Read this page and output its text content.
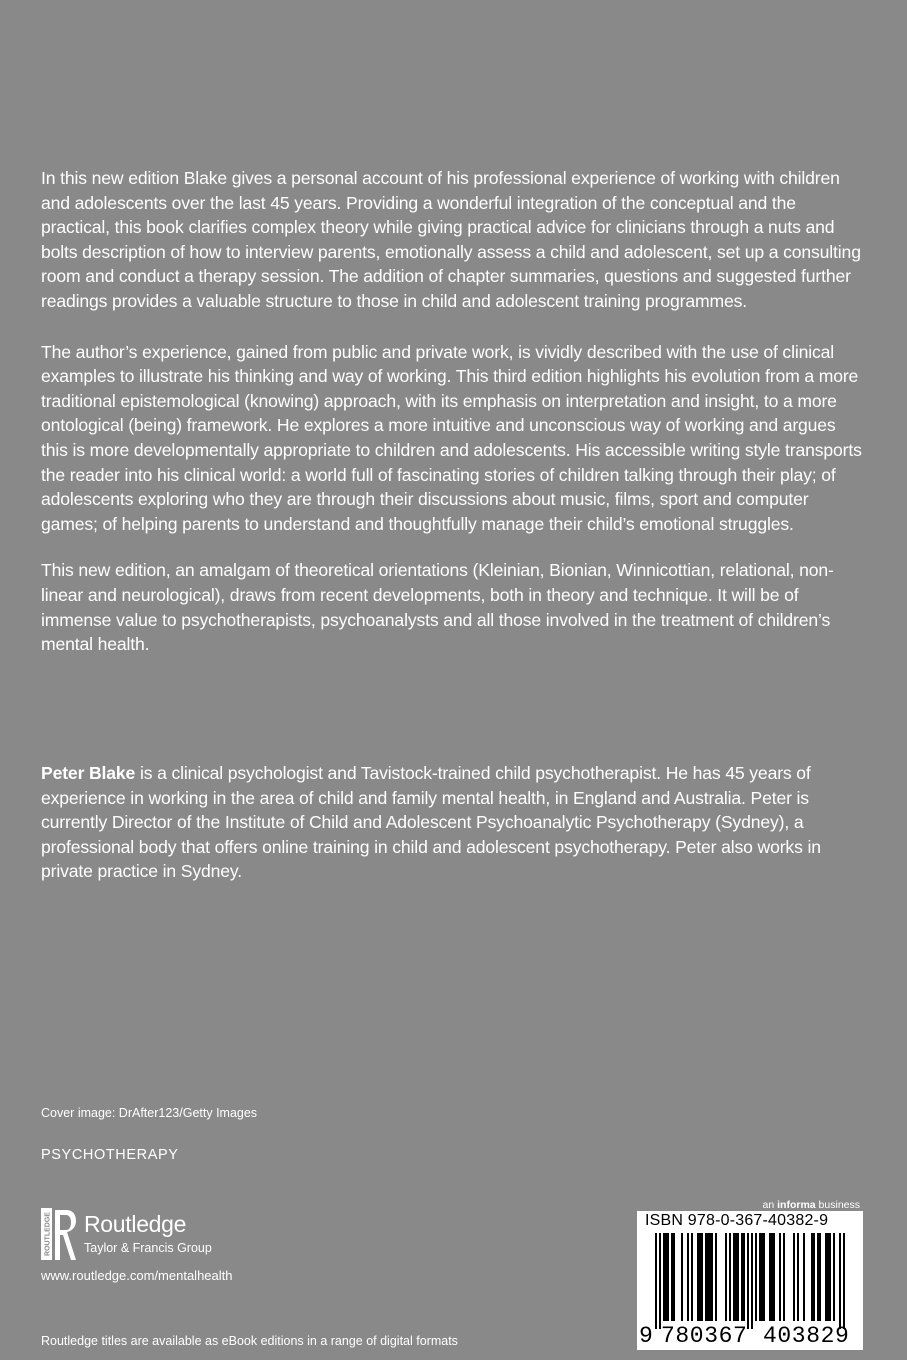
In this new edition Blake gives a personal account of his professional experience of working with children and adolescents over the last 45 years. Providing a wonderful integration of the conceptual and the practical, this book clarifies complex theory while giving practical advice for clinicians through a nuts and bolts description of how to interview parents, emotionally assess a child and adolescent, set up a consulting room and conduct a therapy session. The addition of chapter summaries, questions and suggested further readings provides a valuable structure to those in child and adolescent training programmes.

The author’s experience, gained from public and private work, is vividly described with the use of clinical examples to illustrate his thinking and way of working. This third edition highlights his evolution from a more traditional epistemological (knowing) approach, with its emphasis on interpretation and insight, to a more ontological (being) framework. He explores a more intuitive and unconscious way of working and argues this is more developmentally appropriate to children and adolescents. His accessible writing style transports the reader into his clinical world: a world full of fascinating stories of children talking through their play; of adolescents exploring who they are through their discussions about music, films, sport and computer games; of helping parents to understand and thoughtfully manage their child’s emotional struggles.

This new edition, an amalgam of theoretical orientations (Kleinian, Bionian, Winnicottian, relational, non-linear and neurological), draws from recent developments, both in theory and technique. It will be of immense value to psychotherapists, psychoanalysts and all those involved in the treatment of children’s mental health.

Peter Blake is a clinical psychologist and Tavistock-trained child psychotherapist. He has 45 years of experience in working in the area of child and family mental health, in England and Australia. Peter is currently Director of the Institute of Child and Adolescent Psychoanalytic Psychotherapy (Sydney), a professional body that offers online training in child and adolescent psychotherapy. Peter also works in private practice in Sydney.

Cover image: DrAfter123/Getty Images
PSYCHOTHERAPY
ROUTLEDGE Routledge
Taylor & Francis Group
www.routledge.com/mentalhealth
Routledge titles are available as eBook editions in a range of digital formats
an informa business
ISBN 978-0-367-40382-9
9 780367 403829
